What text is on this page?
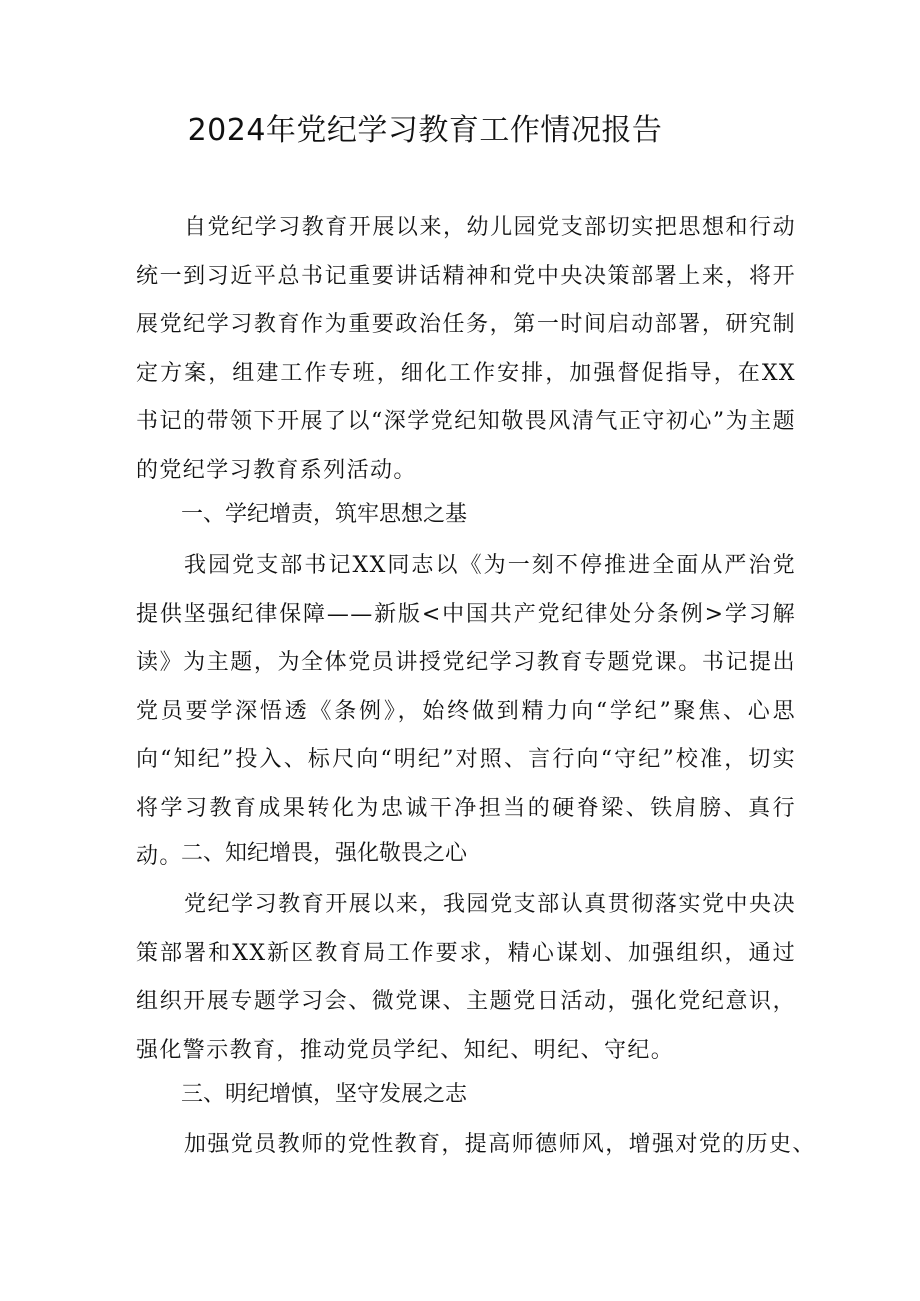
2024年党纪学习教育工作情况报告

自党纪学习教育开展以来，幼儿园党支部切实把思想和行动统一到习近平总书记重要讲话精神和党中央决策部署上来，将开展党纪学习教育作为重要政治任务，第一时间启动部署，研究制定方案，组建工作专班，细化工作安排，加强督促指导，在XX书记的带领下开展了以“深学党纪知敬畏风清气正守初心”为主题的党纪学习教育系列活动。

一、学纪增责，筑牢思想之基

我园党支部书记XX同志以《为一刻不停推进全面从严治党提供坚强纪律保障——新版<中国共产党纪律处分条例>学习解读》为主题，为全体党员讲授党纪学习教育专题党课。书记提出党员要学深悟透《条例》，始终做到精力向“学纪”聚焦、心思向“知纪”投入、标尺向“明纪”对照、言行向“守纪”校准，切实将学习教育成果转化为忠诚干净担当的硬脊梁、铁肩膀、真行动。

二、知纪增畏，强化敬畏之心

党纪学习教育开展以来，我园党支部认真贯彻落实党中央决策部署和XX新区教育局工作要求，精心谋划、加强组织，通过组织开展专题学习会、微党课、主题党日活动，强化党纪意识，强化警示教育，推动党员学纪、知纪、明纪、守纪。

三、明纪增慎，坚守发展之志

加强党员教师的党性教育，提高师德师风，增强对党的历史、
